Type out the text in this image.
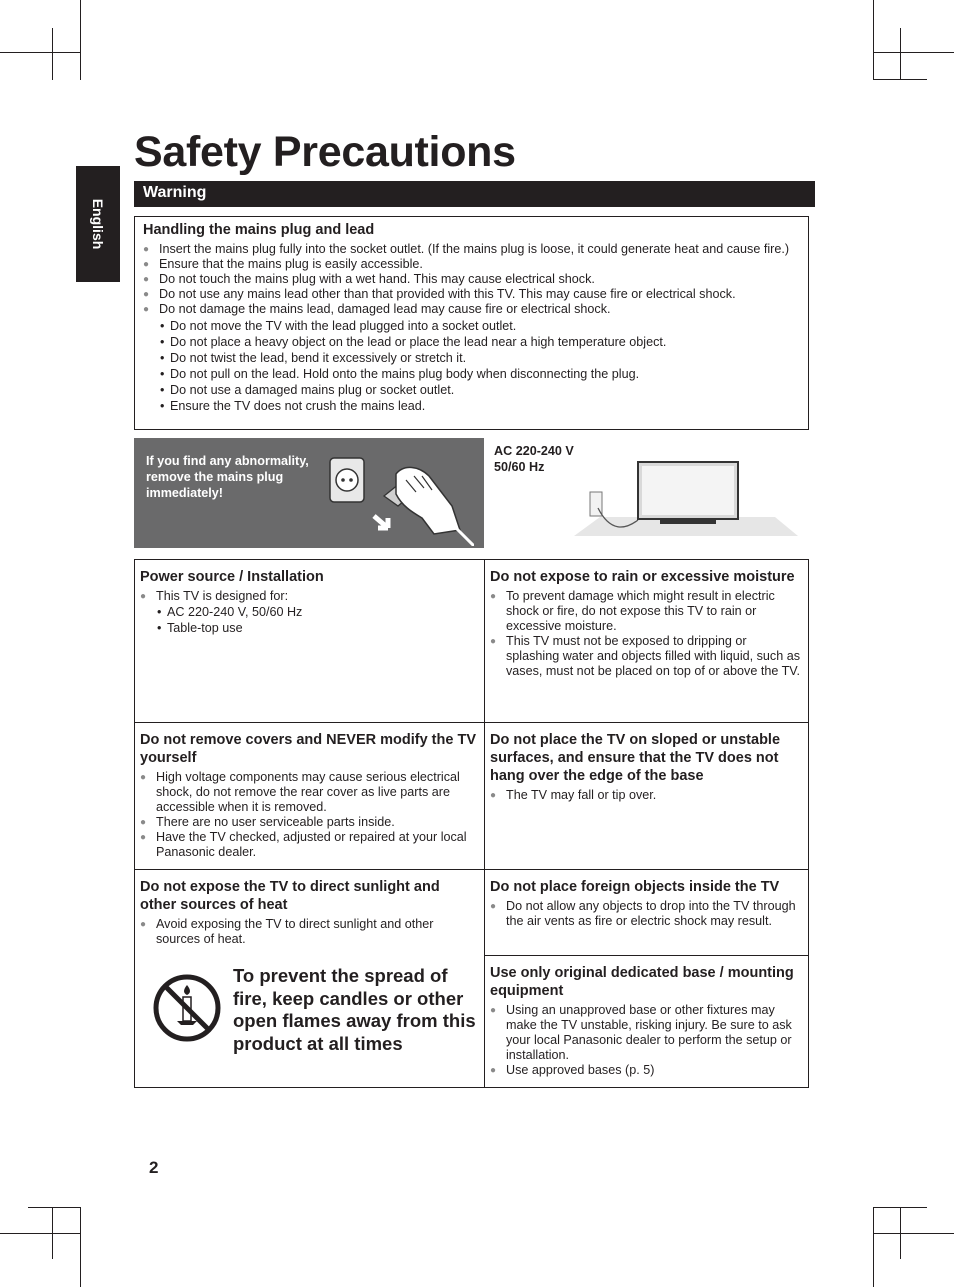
English
Safety Precautions
Warning
Handling the mains plug and lead
● Insert the mains plug fully into the socket outlet. (If the mains plug is loose, it could generate heat and cause fire.)
● Ensure that the mains plug is easily accessible.
● Do not touch the mains plug with a wet hand. This may cause electrical shock.
● Do not use any mains lead other than that provided with this TV. This may cause fire or electrical shock.
● Do not damage the mains lead, damaged lead may cause fire or electrical shock.
• Do not move the TV with the lead plugged into a socket outlet.
• Do not place a heavy object on the lead or place the lead near a high temperature object.
• Do not twist the lead, bend it excessively or stretch it.
• Do not pull on the lead. Hold onto the mains plug body when disconnecting the plug.
• Do not use a damaged mains plug or socket outlet.
• Ensure the TV does not crush the mains lead.
If you find any abnormality, remove the mains plug immediately!
AC 220-240 V
50/60 Hz
Power source / Installation
● This TV is designed for:
• AC 220-240 V, 50/60 Hz
• Table-top use
Do not expose to rain or excessive moisture
● To prevent damage which might result in electric shock or fire, do not expose this TV to rain or excessive moisture.
● This TV must not be exposed to dripping or splashing water and objects filled with liquid, such as vases, must not be placed on top of or above the TV.
Do not remove covers and NEVER modify the TV yourself
● High voltage components may cause serious electrical shock, do not remove the rear cover as live parts are accessible when it is removed.
● There are no user serviceable parts inside.
● Have the TV checked, adjusted or repaired at your local Panasonic dealer.
Do not place the TV on sloped or unstable surfaces, and ensure that the TV does not hang over the edge of the base
● The TV may fall or tip over.
Do not expose the TV to direct sunlight and other sources of heat
● Avoid exposing the TV to direct sunlight and other sources of heat.
To prevent the spread of fire, keep candles or other open flames away from this product at all times
Do not place foreign objects inside the TV
● Do not allow any objects to drop into the TV through the air vents as fire or electric shock may result.
Use only original dedicated base / mounting equipment
● Using an unapproved base or other fixtures may make the TV unstable, risking injury. Be sure to ask your local Panasonic dealer to perform the setup or installation.
● Use approved bases (p. 5)
2
